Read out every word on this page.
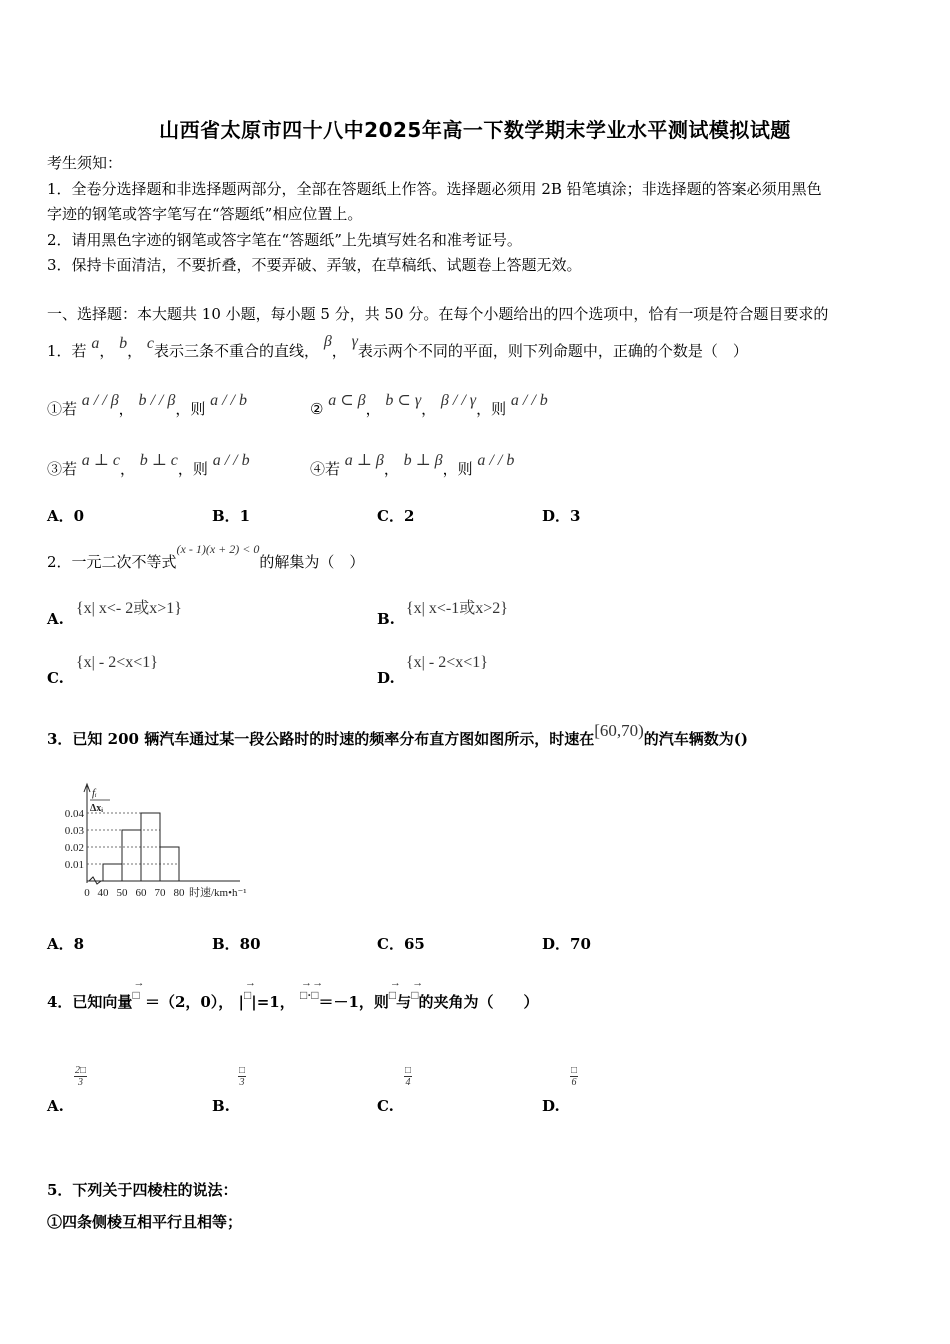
山西省太原市四十八中2025年高一下数学期末学业水平测试模拟试题
考生须知：
1．全卷分选择题和非选择题两部分，全部在答题纸上作答。选择题必须用 2B 铅笔填涂；非选择题的答案必须用黑色
字迹的钢笔或答字笔写在“答题纸”相应位置上。
2．请用黑色字迹的钢笔或答字笔在“答题纸”上先填写姓名和准考证号。
3．保持卡面清洁，不要折叠，不要弄破、弄皱，在草稿纸、试题卷上答题无效。
一、选择题：本大题共 10 小题，每小题 5 分，共 50 分。在每个小题给出的四个选项中，恰有一项是符合题目要求的
1．若 a， b， c表示三条不重合的直线， β， γ表示两个不同的平面，则下列命题中，正确的个数是（　）
①若 a / / β， b / / β，则 a / / b	② a ⊂ β， b ⊂ γ， β / / γ，则 a / / b
③若 a ⊥ c， b ⊥ c，则 a / / b	④若 a ⊥ β， b ⊥ β，则 a / / b
A．0	B．1	C．2	D．3
2．一元二次不等式$^{(x - 1)(x + 2) < 0}$的解集为（　）
A.
{x| x<- 2或x>1}
B.
{x| x<-1或x>2}
C.
{x| - 2<x<1}
D.
{x| - 2<x<1}
3．已知 200 辆汽车通过某一段公路时的时速的频率分布直方图如图所示，时速在[60,70)的汽车辆数为()
fᵢ
Δxᵢ
0.01
0.02
0.03
0.04
0 40 50 60 70 80 时速/km•h⁻¹
A．8	B．80	C．65	D．70
4．已知向量→ □ ＝（2，0）， |→ □|=1， → □·→ □＝－1，则→ □与→ □的夹角为（　　）
$\frac{2□}{3}$
A.
$\frac{□}{3}$
B.
$\frac{□}{4}$
C.
$\frac{□}{6}$
D.
5．下列关于四棱柱的说法：
①四条侧棱互相平行且相等；
